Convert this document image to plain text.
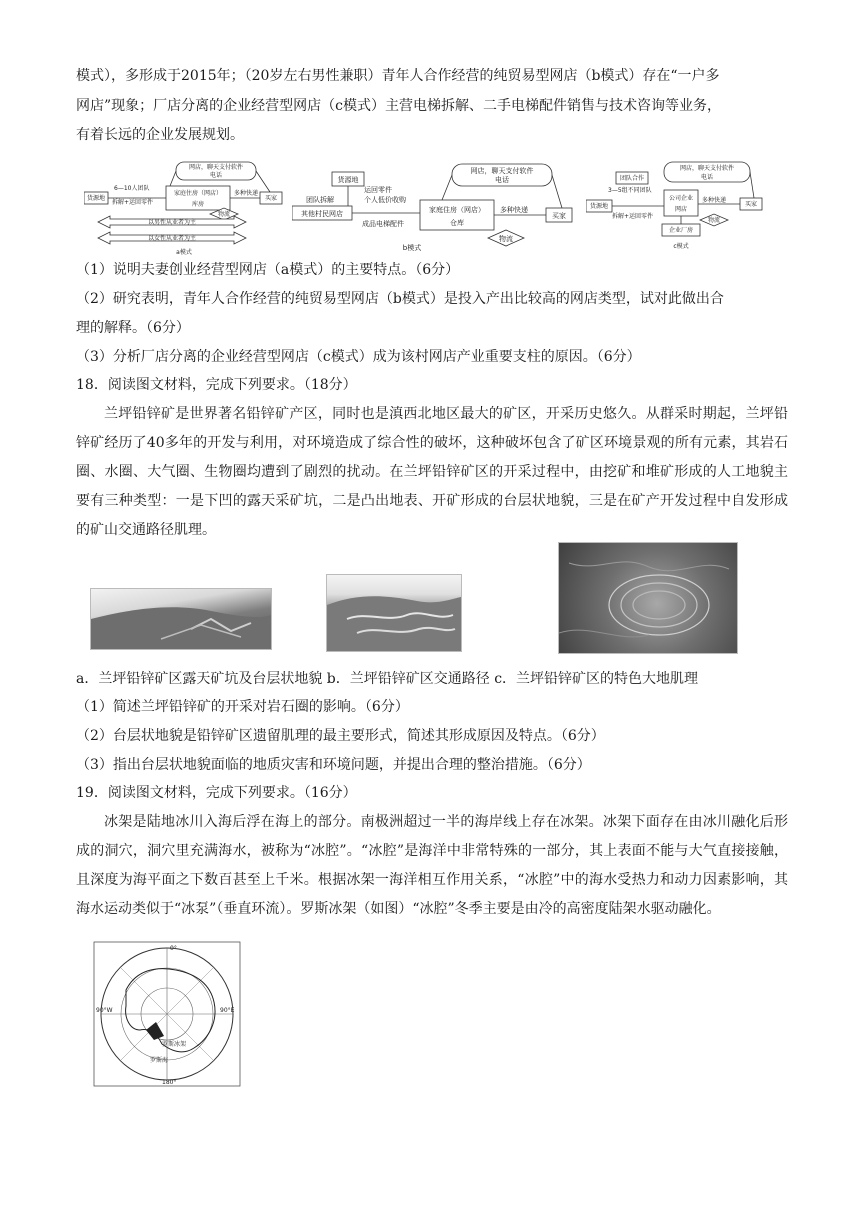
模式），多形成于2015年；（20岁左右男性兼职）青年人合作经营的纯贸易型网店（b模式）存在“一户多
网店”现象；厂店分离的企业经营型网店（c模式）主营电梯拆解、二手电梯配件销售与技术咨询等业务，
有着长远的企业发展规划。
网店，聊天支付软件
电话
货源地
6—10人团队
拆解+运回零件
家庭住房（网店）
库房
多种快递
买家
物流
以男性从业者为主
以女性从业者为主
a模式
网店，聊天支付软件
电话
货源地
团队拆解
运回零件
个人低价收购
其他村民网店	家庭住房（网店）
仓库
成品电梯配件
多种快递
买家
物流
b模式
网店，聊天支付软件
电话
团队合作
3—5组不同团队
货源地
拆解+运回零件
公司企业
网店
多种快递
买家
物流
企业厂房
c模式
（1）说明夫妻创业经营型网店（a模式）的主要特点。（6分）
（2）研究表明，青年人合作经营的纯贸易型网店（b模式）是投入产出比较高的网店类型，试对此做出合
理的解释。（6分）
（3）分析厂店分离的企业经营型网店（c模式）成为该村网店产业重要支柱的原因。（6分）
18．阅读图文材料，完成下列要求。（18分）
兰坪铅锌矿是世界著名铅锌矿产区，同时也是滇西北地区最大的矿区，开采历史悠久。从群采时期起，兰坪铅锌矿经历了40多年的开发与利用，对环境造成了综合性的破坏，这种破坏包含了矿区环境景观的所有元素，其岩石圈、水圈、大气圈、生物圈均遭到了剧烈的扰动。在兰坪铅锌矿区的开采过程中，由挖矿和堆矿形成的人工地貌主要有三种类型：一是下凹的露天采矿坑，二是凸出地表、开矿形成的台层状地貌，三是在矿产开发过程中自发形成的矿山交通路径肌理。
a．兰坪铅锌矿区露天矿坑及台层状地貌 b．兰坪铅锌矿区交通路径 c．兰坪铅锌矿区的特色大地肌理
（1）简述兰坪铅锌矿的开采对岩石圈的影响。（6分）
（2）台层状地貌是铅锌矿区遗留肌理的最主要形式，简述其形成原因及特点。（6分）
（3）指出台层状地貌面临的地质灾害和环境问题，并提出合理的整治措施。（6分）
19．阅读图文材料，完成下列要求。（16分）
冰架是陆地冰川入海后浮在海上的部分。南极洲超过一半的海岸线上存在冰架。冰架下面存在由冰川融化后形成的洞穴，洞穴里充满海水，被称为“冰腔”。“冰腔”是海洋中非常特殊的一部分，其上表面不能与大气直接接触，且深度为海平面之下数百甚至上千米。根据冰架一海洋相互作用关系，“冰腔”中的海水受热力和动力因素影响，其海水运动类似于“冰泵”（垂直环流）。罗斯冰架（如图）“冰腔”冬季主要是由冷的高密度陆架水驱动融化。
罗斯冰架
罗斯海
90°W	90°E
180°
0°
